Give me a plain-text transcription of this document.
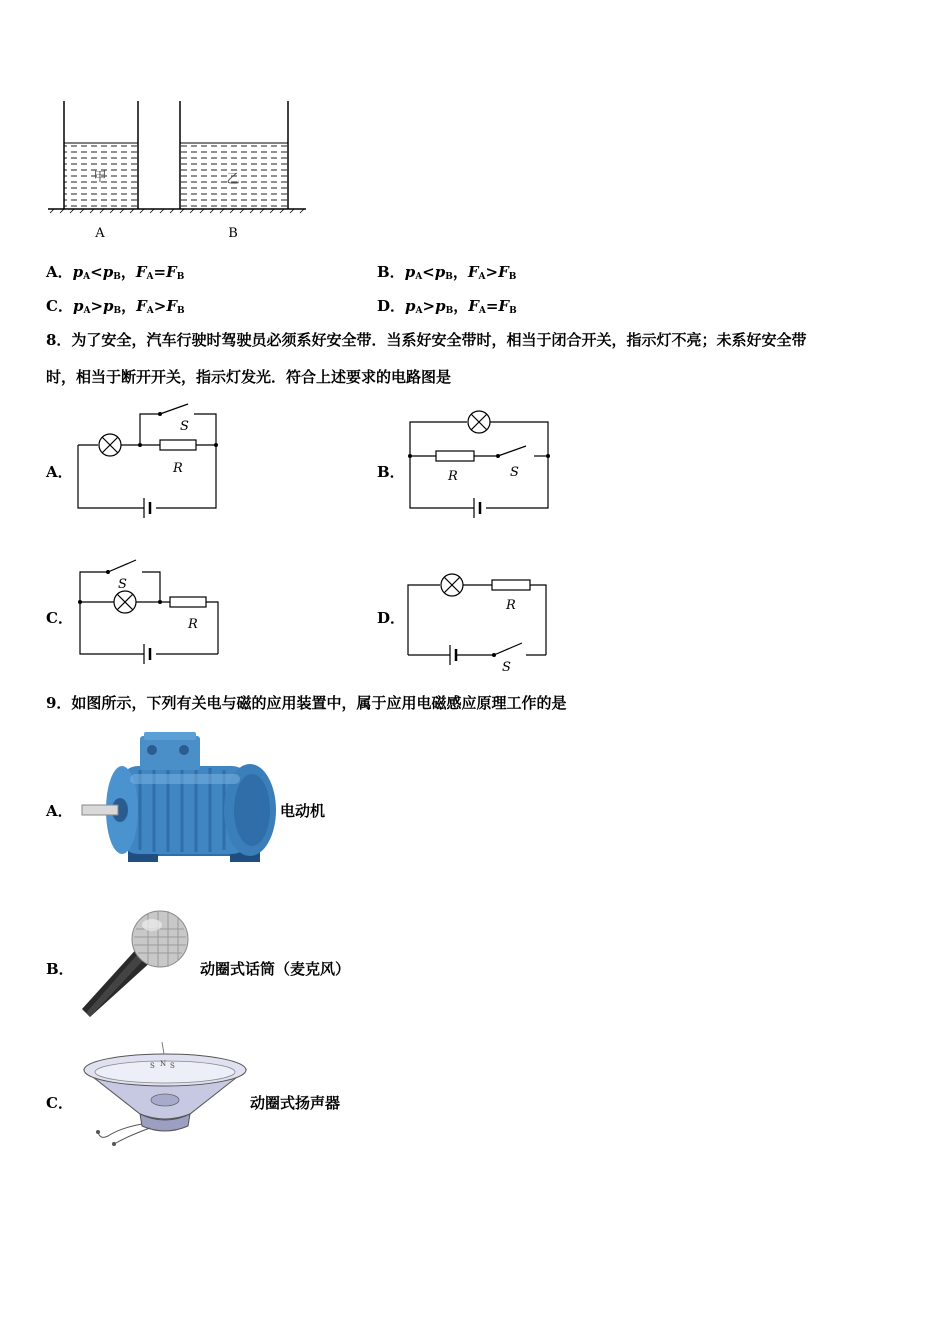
甲	乙
A	B
A．$p_A<p_B$，$F_A=F_B$	B．$p_A<p_B$，$F_A>F_B$
C．$p_A>p_B$，$F_A>F_B$	D．$p_A>p_B$，$F_A=F_B$
8．为了安全，汽车行驶时驾驶员必须系好安全带．当系好安全带时，相当于闭合开关，指示灯不亮；未系好安全带
时，相当于断开开关，指示灯发光．符合上述要求的电路图是
A．
S
R	B．	R	S
C．
S
R	D．
R
S
9．如图所示，下列有关电与磁的应用装置中，属于应用电磁感应原理工作的是
A．	电动机
B．	动圈式话筒（麦克风）
C．
S N S
动圈式扬声器
